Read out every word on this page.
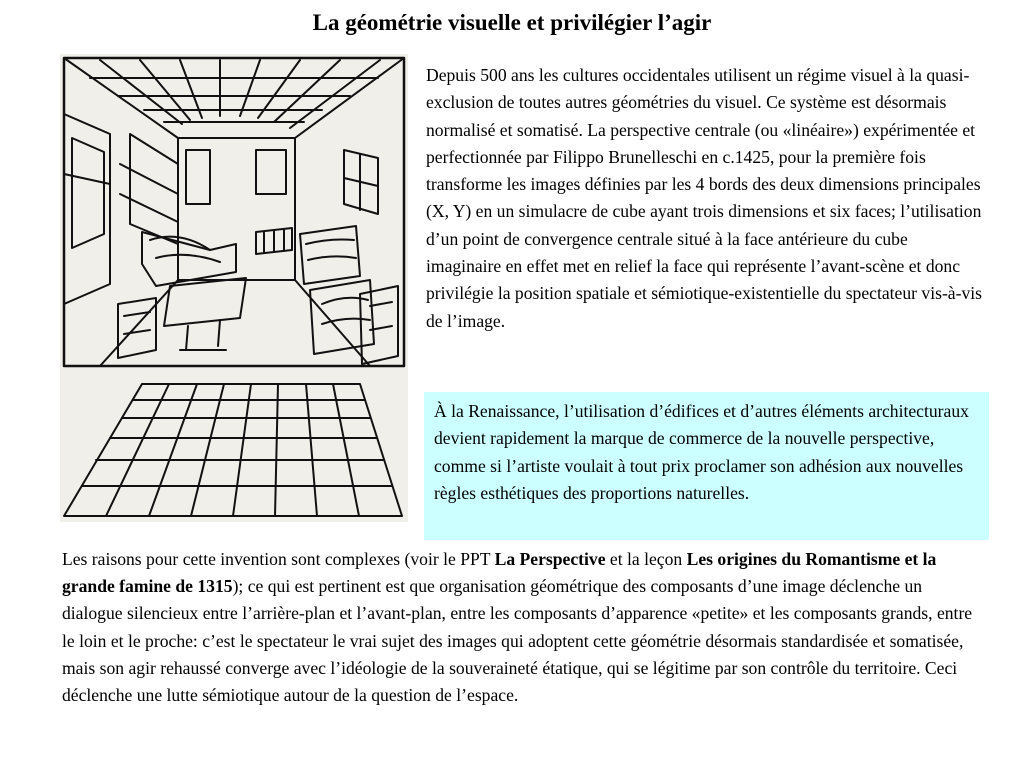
La géométrie visuelle et privilégier l’agir
Depuis 500 ans les cultures occidentales utilisent un régime visuel à la quasi-exclusion de toutes autres géométries du visuel. Ce système est désormais normalisé et somatisé. La perspective centrale (ou «linéaire») expérimentée et perfectionnée par Filippo Brunelleschi en c.1425, pour la première fois transforme les images définies par les 4 bords des deux dimensions principales (X, Y) en un simulacre de cube ayant trois dimensions et six faces; l’utilisation d’un point de convergence centrale situé à la face antérieure du cube imaginaire en effet met en relief la face qui représente l’avant-scène et donc privilégie la position spatiale et sémiotique-existentielle du spectateur vis-à-vis de l’image.
À la Renaissance, l’utilisation d’édifices et d’autres éléments architecturaux devient rapidement la marque de commerce de la nouvelle perspective, comme si l’artiste voulait à tout prix proclamer son adhésion aux nouvelles règles esthétiques des proportions naturelles.
Les raisons pour cette invention sont complexes (voir le PPT La Perspective et la leçon Les origines du Romantisme et la grande famine de 1315); ce qui est pertinent est que organisation géométrique des composants d’une image déclenche un dialogue silencieux entre l’arrière-plan et l’avant-plan, entre les composants d’apparence «petite» et les composants grands, entre le loin et le proche: c’est le spectateur le vrai sujet des images qui adoptent cette géométrie désormais standardisée et somatisée, mais son agir rehaussé converge avec l’idéologie de la souveraineté étatique, qui se légitime par son contrôle du territoire. Ceci déclenche une lutte sémiotique autour de la question de l’espace.
